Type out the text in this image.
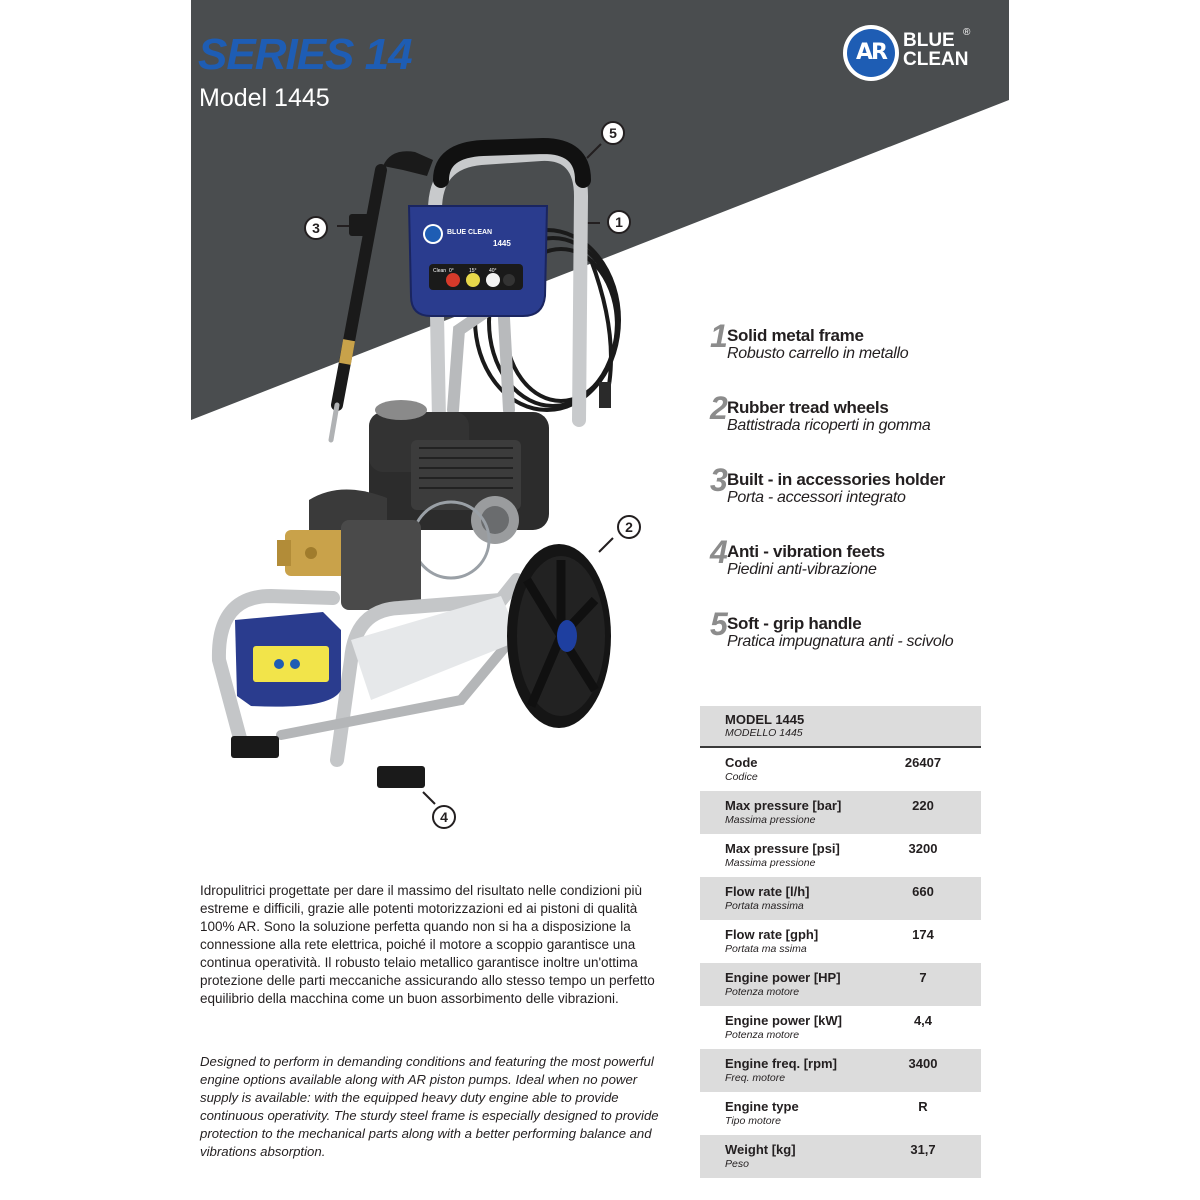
SERIES 14
Model 1445
AR BLUE
CLEAN
®
BLUE CLEAN
1445
Clean 0°	15° 40°
5
1
3
2
4
1 Solid metal frame
Robusto carrello in metallo
2 Rubber tread wheels
Battistrada ricoperti in gomma
3 Built - in accessories holder
Porta - accessori integrato
4 Anti - vibration feets
Piedini anti-vibrazione
5 Soft - grip handle
Pratica impugnatura anti - scivolo

Idropulitrici progettate per dare il massimo del risultato nelle condizioni più estreme e difficili, grazie alle potenti motorizzazioni ed ai pistoni di qualità 100% AR. Sono la soluzione perfetta quando non si ha a disposizione la connessione alla rete elettrica, poiché il motore a scoppio garantisce una continua operatività. Il robusto telaio metallico garantisce inoltre un'ottima protezione delle parti meccaniche assicurando allo stesso tempo un perfetto equilibrio della macchina come un buon assorbimento delle vibrazioni.

Designed to perform in demanding conditions and featuring the most powerful engine options available along with AR piston pumps. Ideal when no power supply is available: with the equipped heavy duty engine able to provide continuous operativity. The sturdy steel frame is especially designed to provide protection to the mechanical parts along with a better performing balance and vibrations absorption.

MODEL 1445
MODELLO 1445
Code
Codice
26407
Max pressure [bar]
Massima pressione
220
Max pressure [psi]
Massima pressione
3200
Flow rate [l/h]
Portata massima
660
Flow rate [gph]
Portata ma ssima
174
Engine power [HP]
Potenza motore
7
Engine power [kW]
Potenza motore
4,4
Engine freq. [rpm]
Freq. motore
3400
Engine type
Tipo motore
R
Weight [kg]
Peso
31,7
